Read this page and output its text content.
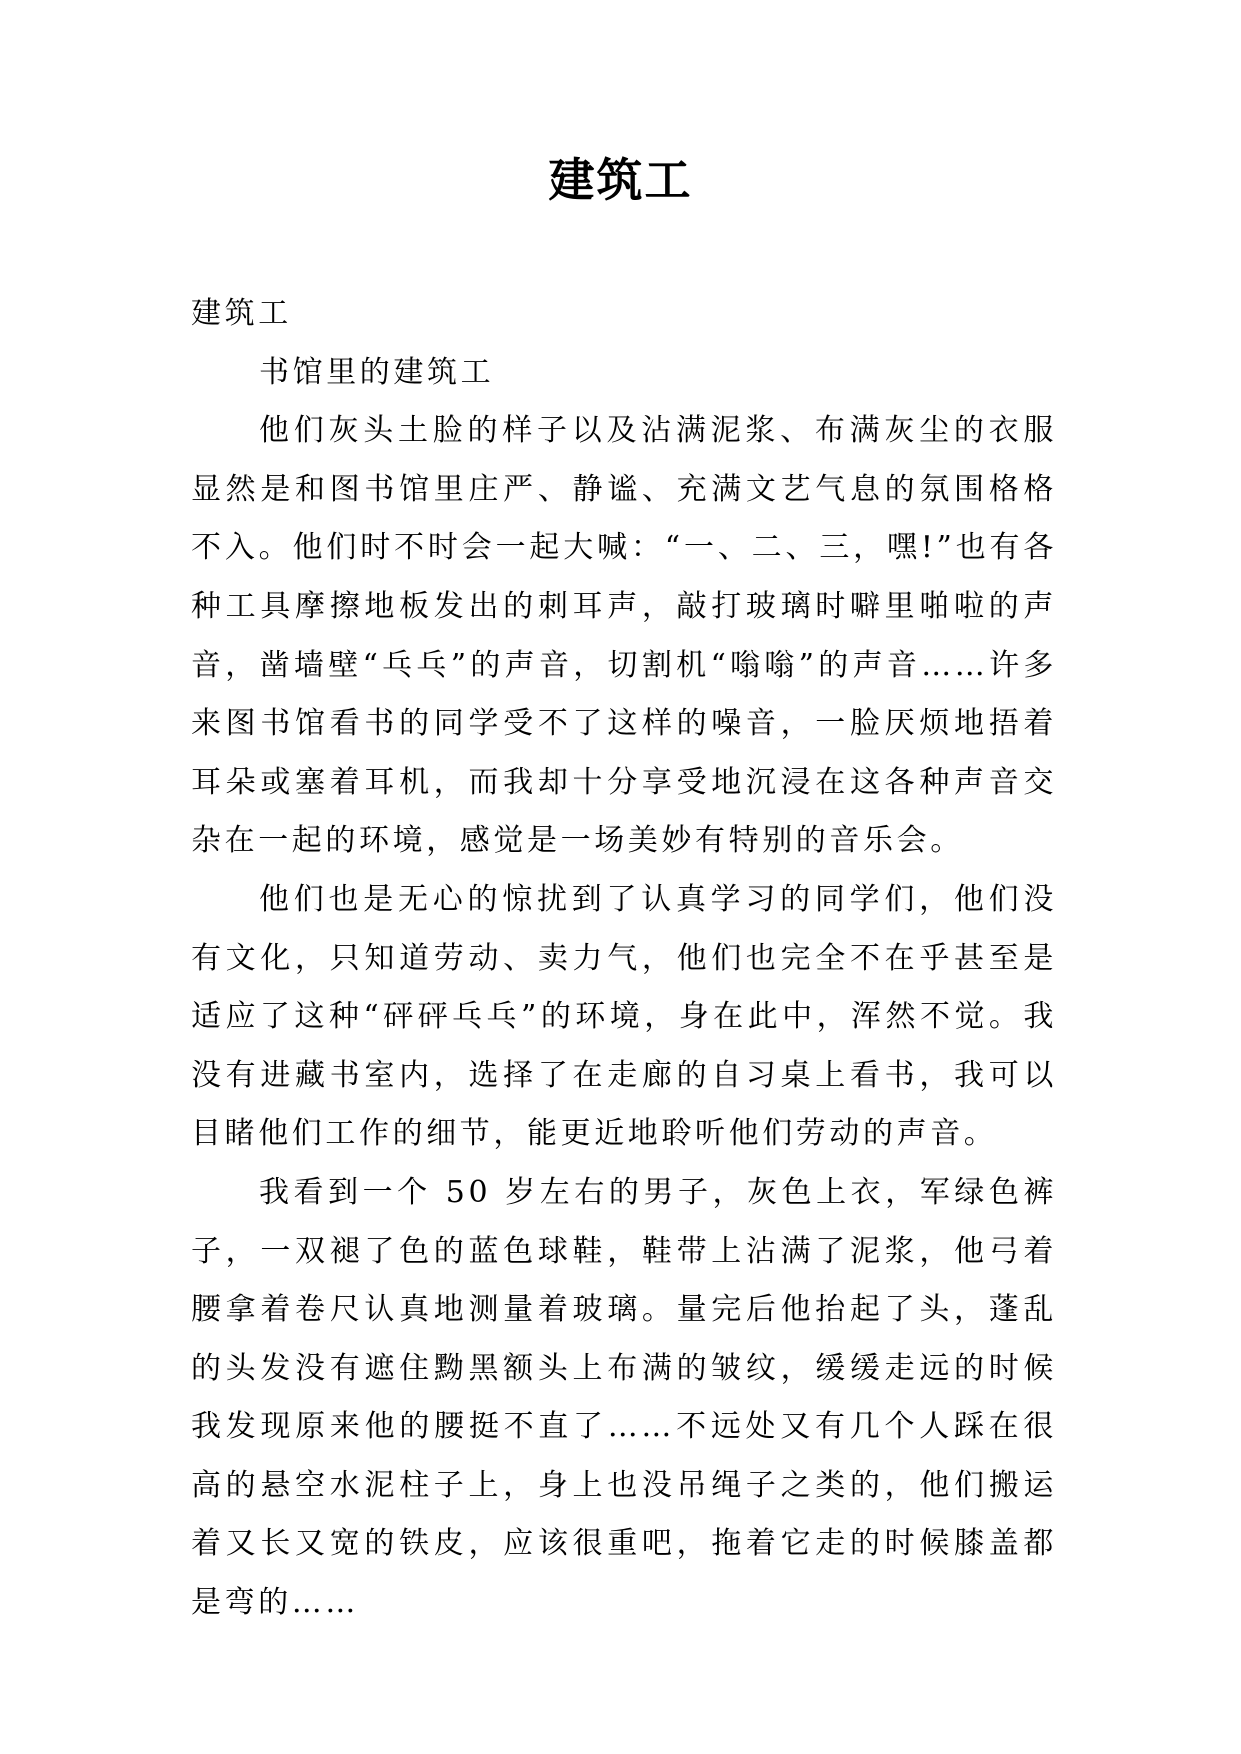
建筑工

建筑工

书馆里的建筑工

他们灰头土脸的样子以及沾满泥浆、布满灰尘的衣服显然是和图书馆里庄严、静谧、充满文艺气息的氛围格格不入。他们时不时会一起大喊：“一、二、三，嘿!”也有各种工具摩擦地板发出的刺耳声，敲打玻璃时噼里啪啦的声音，凿墙壁“乓乓”的声音，切割机“嗡嗡”的声音……许多来图书馆看书的同学受不了这样的噪音，一脸厌烦地捂着耳朵或塞着耳机，而我却十分享受地沉浸在这各种声音交杂在一起的环境，感觉是一场美妙有特别的音乐会。

他们也是无心的惊扰到了认真学习的同学们，他们没有文化，只知道劳动、卖力气，他们也完全不在乎甚至是适应了这种“砰砰乓乓”的环境，身在此中，浑然不觉。我没有进藏书室内，选择了在走廊的自习桌上看书，我可以目睹他们工作的细节，能更近地聆听他们劳动的声音。

我看到一个 50 岁左右的男子，灰色上衣，军绿色裤子，一双褪了色的蓝色球鞋，鞋带上沾满了泥浆，他弓着腰拿着卷尺认真地测量着玻璃。量完后他抬起了头，蓬乱的头发没有遮住黝黑额头上布满的皱纹，缓缓走远的时候我发现原来他的腰挺不直了……不远处又有几个人踩在很高的悬空水泥柱子上，身上也没吊绳子之类的，他们搬运着又长又宽的铁皮，应该很重吧，拖着它走的时候膝盖都是弯的……
